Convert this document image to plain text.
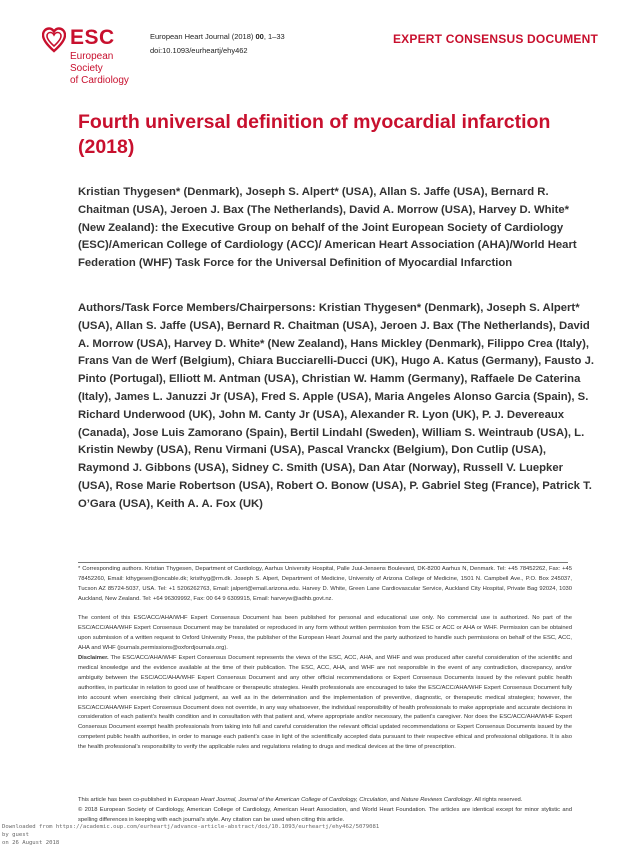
ESC
European Society
of Cardiology
European Heart Journal (2018) 00, 1–33
doi:10.1093/eurheartj/ehy462
EXPERT CONSENSUS DOCUMENT
Fourth universal definition of myocardial infarction (2018)
Kristian Thygesen* (Denmark), Joseph S. Alpert* (USA), Allan S. Jaffe (USA), Bernard R. Chaitman (USA), Jeroen J. Bax (The Netherlands), David A. Morrow (USA), Harvey D. White* (New Zealand): the Executive Group on behalf of the Joint European Society of Cardiology (ESC)/American College of Cardiology (ACC)/ American Heart Association (AHA)/World Heart Federation (WHF) Task Force for the Universal Definition of Myocardial Infarction
Authors/Task Force Members/Chairpersons: Kristian Thygesen* (Denmark), Joseph S. Alpert* (USA), Allan S. Jaffe (USA), Bernard R. Chaitman (USA), Jeroen J. Bax (The Netherlands), David A. Morrow (USA), Harvey D. White* (New Zealand), Hans Mickley (Denmark), Filippo Crea (Italy), Frans Van de Werf (Belgium), Chiara Bucciarelli-Ducci (UK), Hugo A. Katus (Germany), Fausto J. Pinto (Portugal), Elliott M. Antman (USA), Christian W. Hamm (Germany), Raffaele De Caterina (Italy), James L. Januzzi Jr (USA), Fred S. Apple (USA), Maria Angeles Alonso Garcia (Spain), S. Richard Underwood (UK), John M. Canty Jr (USA), Alexander R. Lyon (UK), P. J. Devereaux (Canada), Jose Luis Zamorano (Spain), Bertil Lindahl (Sweden), William S. Weintraub (USA), L. Kristin Newby (USA), Renu Virmani (USA), Pascal Vranckx (Belgium), Don Cutlip (USA), Raymond J. Gibbons (USA), Sidney C. Smith (USA), Dan Atar (Norway), Russell V. Luepker (USA), Rose Marie Robertson (USA), Robert O. Bonow (USA), P. Gabriel Steg (France), Patrick T. O’Gara (USA), Keith A. A. Fox (UK)
* Corresponding authors. Kristian Thygesen, Department of Cardiology, Aarhus University Hospital, Palle Juul-Jensens Boulevard, DK-8200 Aarhus N, Denmark. Tel: +45 78452262, Fax: +45 78452260, Email: kthygesen@oncable.dk; kristhyg@rm.dk. Joseph S. Alpert, Department of Medicine, University of Arizona College of Medicine, 1501 N. Campbell Ave., P.O. Box 245037, Tucson AZ 85724-5037, USA. Tel: +1 5206262763, Email: jalpert@email.arizona.edu. Harvey D. White, Green Lane Cardiovascular Service, Auckland City Hospital, Private Bag 92024, 1030 Auckland, New Zealand. Tel: +64 96309992, Fax: 00 64 9 6309915, Email: harveyw@adhb.govt.nz.
The content of this ESC/ACC/AHA/WHF Expert Consensus Document has been published for personal and educational use only. No commercial use is authorized. No part of the ESC/ACC/AHA/WHF Expert Consensus Document may be translated or reproduced in any form without written permission from the ESC or ACC or AHA or WHF. Permission can be obtained upon submission of a written request to Oxford University Press, the publisher of the European Heart Journal and the party authorized to handle such permissions on behalf of the ESC, ACC, AHA and WHF (journals.permissions@oxfordjournals.org).
Disclaimer. The ESC/ACC/AHA/WHF Expert Consensus Document represents the views of the ESC, ACC, AHA, and WHF and was produced after careful consideration of the scientific and medical knowledge and the evidence available at the time of their publication. The ESC, ACC, AHA, and WHF are not responsible in the event of any contradiction, discrepancy, and/or ambiguity between the ESC/ACC/AHA/WHF Expert Consensus Document and any other official recommendations or Expert Consensus Documents issued by the relevant public health authorities, in particular in relation to good use of healthcare or therapeutic strategies. Health professionals are encouraged to take the ESC/ACC/AHA/WHF Expert Consensus Document fully into account when exercising their clinical judgment, as well as in the determination and the implementation of preventive, diagnostic, or therapeutic medical strategies; however, the ESC/ACC/AHA/WHF Expert Consensus Document does not override, in any way whatsoever, the individual responsibility of health professionals to make appropriate and accurate decisions in consideration of each patient’s health condition and in consultation with that patient and, where appropriate and/or necessary, the patient’s caregiver. Nor does the ESC/ACC/AHA/WHF Expert Consensus Document exempt health professionals from taking into full and careful consideration the relevant official updated recommendations or Expert Consensus Documents issued by the competent public health authorities, in order to manage each patient’s case in light of the scientifically accepted data pursuant to their respective ethical and professional obligations. It is also the health professional’s responsibility to verify the applicable rules and regulations relating to drugs and medical devices at the time of prescription.
This article has been co-published in European Heart Journal, Journal of the American College of Cardiology, Circulation, and Nature Reviews Cardiology. All rights reserved.
© 2018 European Society of Cardiology, American College of Cardiology, American Heart Association, and World Heart Foundation. The articles are identical except for minor stylistic and spelling differences in keeping with each journal’s style. Any citation can be used when citing this article.
Downloaded from https://academic.oup.com/eurheartj/advance-article-abstract/doi/10.1093/eurheartj/ehy462/5079081
by guest
on 26 August 2018
